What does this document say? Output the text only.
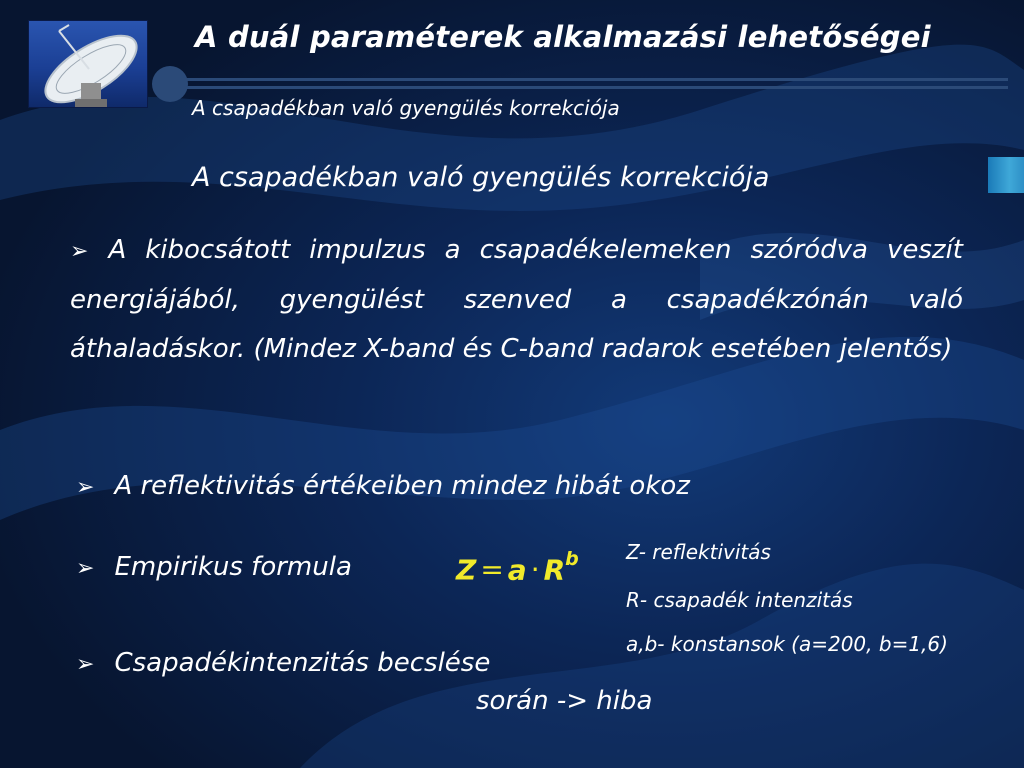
A duál paraméterek alkalmazási lehetőségei
A csapadékban való gyengülés korrekciója
A csapadékban való gyengülés korrekciója
➢ A kibocsátott impulzus a csapadékelemeken szóródva veszít energiájából, gyengülést szenved a csapadékzónán való áthaladáskor. (Mindez X-band és C-band radarok esetében jelentős)
➢ A reflektivitás értékeiben mindez hibát okoz
➢ Empirikus formula	$Z = a \cdot R^b$ Z- reflektivitás
R- csapadék intenzitás
a,b- konstansok (a=200, b=1,6)
➢ Csapadékintenzitás becslése
során -> hiba
